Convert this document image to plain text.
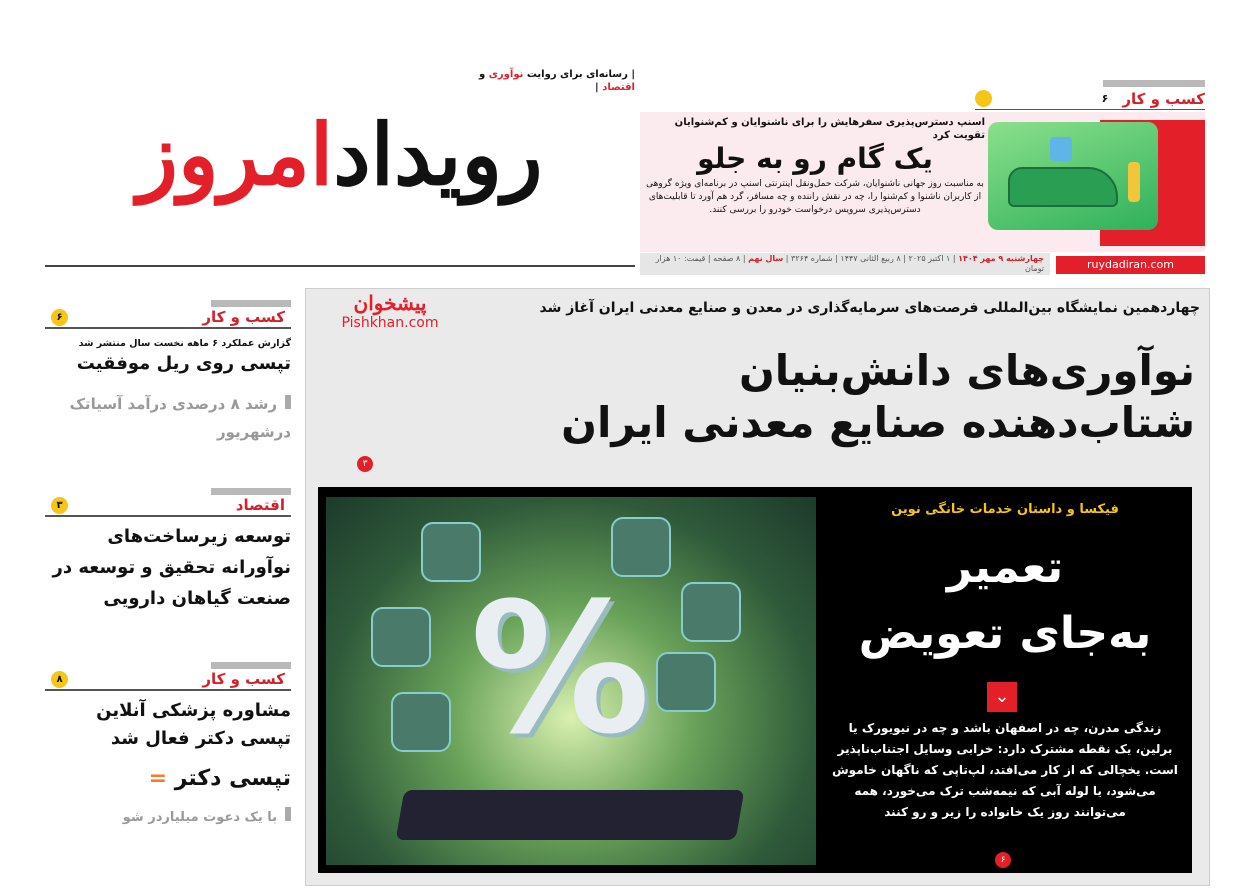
رویداد
امروز
| رسانه‌ای برای روایت نوآوری و اقتصاد |
کسب و کار
۶
اسنپ دسترس‌پذیری سفرهایش را برای ناشنوایان و کم‌شنوایان تقویت کرد
یک گام رو به جلو
به مناسبت روز جهانی ناشنوایان، شرکت حمل‌ونقل اینترنتی اسنپ در برنامه‌ای ویژه گروهی از کاربران ناشنوا و کم‌شنوا را، چه در نقش راننده و چه مسافر، گرد هم آورد تا قابلیت‌های دسترس‌پذیری سرویس درخواست خودرو را بررسی کنند.
چهارشنبه ۹ مهر ۱۴۰۴ | ۱ اکتبر ۲۰۲۵ | ۸ ربیع الثانی ۱۴۴۷ | شماره ۳۲۶۴ | سال نهم | ۸ صفحه | قیمت: ۱۰ هزار تومان	ruydadiran.com
کسب و کار
۶
گزارش عملکرد ۶ ماهه نخست سال منتشر شد
تپسی روی ریل موفقیت
رشد ۸ درصدی درآمد آسیاتک درشهریور
اقتصاد
۳
توسعه زیرساخت‌های نوآورانه تحقیق و توسعه در صنعت گیاهان دارویی
کسب و کار
۸
مشاوره پزشکی آنلاین تپسی دکتر فعال شد
تپسی دکتر =
با یک دعوت میلیاردر شو
پیشخوان
Pishkhan.com
چهاردهمین نمایشگاه بین‌المللی فرصت‌های سرمایه‌گذاری در معدن و صنایع معدنی ایران آغاز شد
نوآوری‌های دانش‌بنیان
شتاب‌دهنده صنایع معدنی ایران
۳
%
فیکسا و داستان خدمات خانگی نوین
تعمیر
به‌جای تعویض
⌄
زندگی مدرن، چه در اصفهان باشد و چه در نیویورک یا برلین، یک نقطه مشترک دارد: خرابی وسایل اجتناب‌ناپذیر است. یخچالی که از کار می‌افتد، لپ‌تاپی که ناگهان خاموش می‌شود، یا لوله آبی که نیمه‌شب ترک می‌خورد، همه می‌توانند روز یک خانواده را زیر و رو کنند
۶
